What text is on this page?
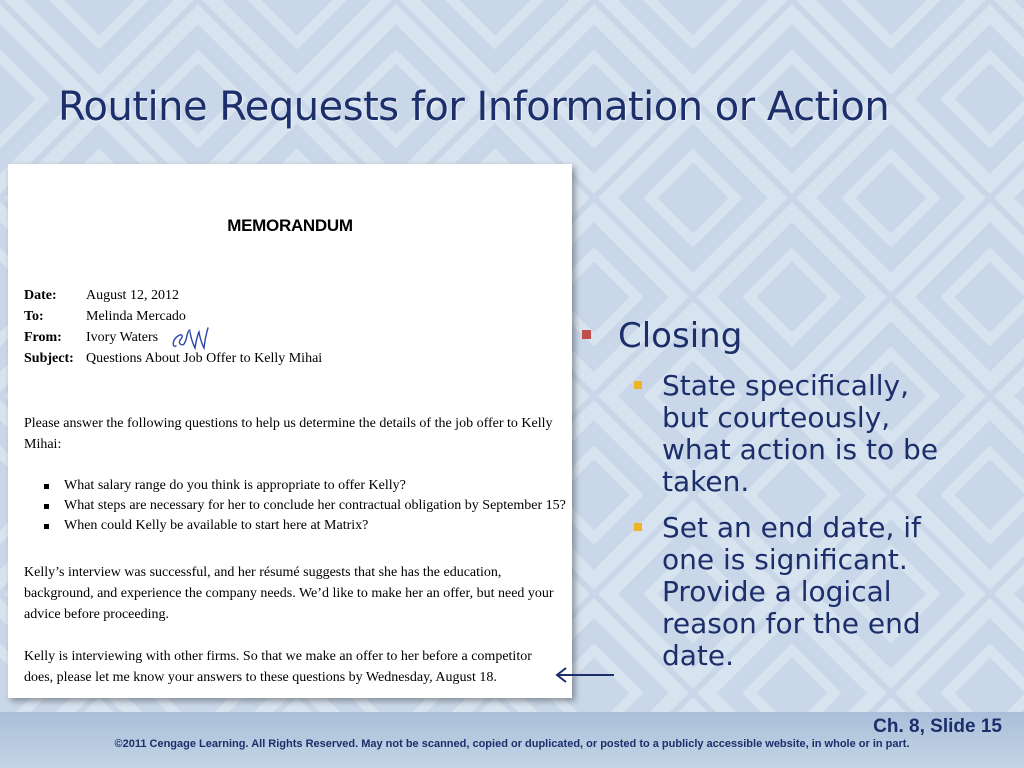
Routine Requests for Information or Action
MEMORANDUM
Date:	August 12, 2012
To:	Melinda Mercado
From:	Ivory Waters
Subject: Questions About Job Offer to Kelly Mihai
Please answer the following questions to help us determine the details of the job offer to Kelly Mihai:
What salary range do you think is appropriate to offer Kelly?
What steps are necessary for her to conclude her contractual obligation by September 15?
When could Kelly be available to start here at Matrix?
Kelly’s interview was successful, and her résumé suggests that she has the education, background, and experience the company needs. We’d like to make her an offer, but need your advice before proceeding.
Kelly is interviewing with other firms. So that we make an offer to her before a competitor does, please let me know your answers to these questions by Wednesday, August 18.
Closing
State specifically, but courteously, what action is to be taken.
Set an end date, if one is significant. Provide a logical reason for the end date.
Ch. 8, Slide 15
©2011 Cengage Learning. All Rights Reserved. May not be scanned, copied or duplicated, or posted to a publicly accessible website, in whole or in part.
